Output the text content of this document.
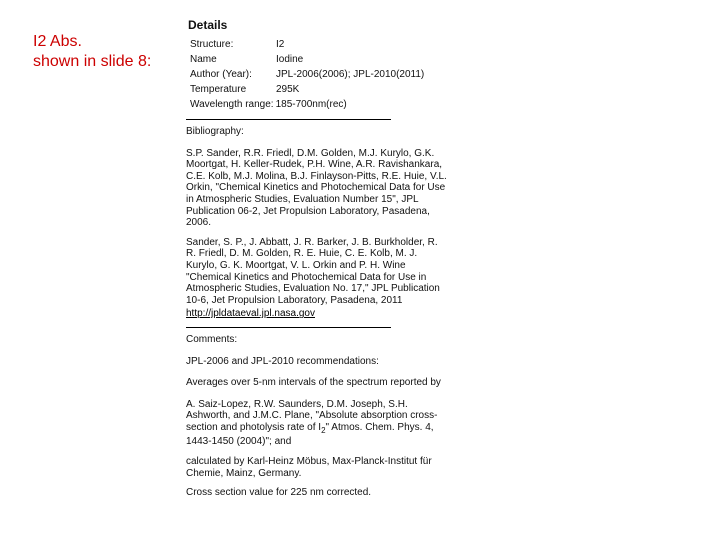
I2 Abs.
shown in slide 8:
Details
Structure:	I2
Name	Iodine
Author (Year):	JPL-2006(2006); JPL-2010(2011)
Temperature	295K
Wavelength range: 185-700nm(rec)
Bibliography:
S.P. Sander, R.R. Friedl, D.M. Golden, M.J. Kurylo, G.K. Moortgat, H. Keller-Rudek, P.H. Wine, A.R. Ravishankara, C.E. Kolb, M.J. Molina, B.J. Finlayson-Pitts, R.E. Huie, V.L. Orkin, "Chemical Kinetics and Photochemical Data for Use in Atmospheric Studies, Evaluation Number 15", JPL Publication 06-2, Jet Propulsion Laboratory, Pasadena, 2006.
Sander, S. P., J. Abbatt, J. R. Barker, J. B. Burkholder, R. R. Friedl, D. M. Golden, R. E. Huie, C. E. Kolb, M. J. Kurylo, G. K. Moortgat, V. L. Orkin and P. H. Wine "Chemical Kinetics and Photochemical Data for Use in Atmospheric Studies, Evaluation No. 17," JPL Publication 10-6, Jet Propulsion Laboratory, Pasadena, 2011
http://jpldataeval.jpl.nasa.gov
Comments:
JPL-2006 and JPL-2010 recommendations:
Averages over 5-nm intervals of the spectrum reported by
A. Saiz-Lopez, R.W. Saunders, D.M. Joseph, S.H. Ashworth, and J.M.C. Plane, "Absolute absorption cross-section and photolysis rate of $I_2$" Atmos. Chem. Phys. 4, 1443-1450 (2004)"; and
calculated by Karl-Heinz Möbus, Max-Planck-Institut für Chemie, Mainz, Germany.
Cross section value for 225 nm corrected.
